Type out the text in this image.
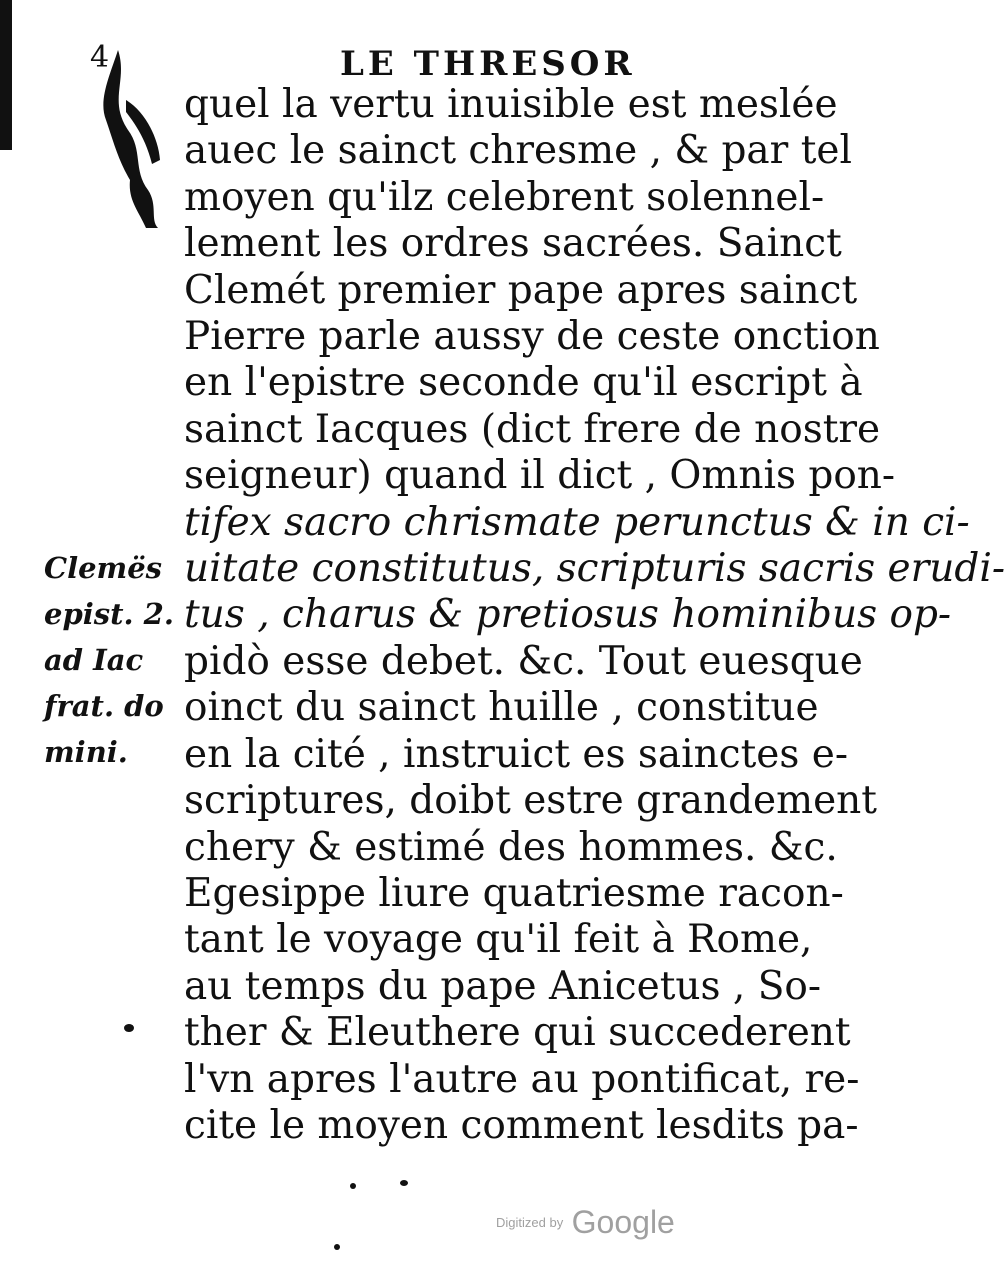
4	LE THRESOR
quel la vertu inuisible est meslée
auec le sainct chresme , & par tel
moyen qu'ilz celebrent solennel-
lement les ordres sacrées. Sainct
Clemét premier pape apres sainct
Pierre parle aussy de ceste onction
en l'epistre seconde qu'il escript à
sainct Iacques (dict frere de nostre
seigneur) quand il dict , Omnis pon-
tifex sacro chrismate perunctus & in ci-
uitate constitutus, scripturis sacris erudi-
tus , charus & pretiosus hominibus op-
pidò esse debet. &c. Tout euesque
oinct du sainct huille , constitue
en la cité , instruict es sainctes e-
scriptures, doibt estre grandement
chery & estimé des hommes. &c.
Egesippe liure quatriesme racon-
tant le voyage qu'il feit à Rome,
au temps du pape Anicetus , So-
ther & Eleuthere qui succederent
l'vn apres l'autre au pontificat, re-
cite le moyen comment lesdits pa-
Clemës
epist. 2.
ad Iac
frat. do
mini.
Digitized by Google
